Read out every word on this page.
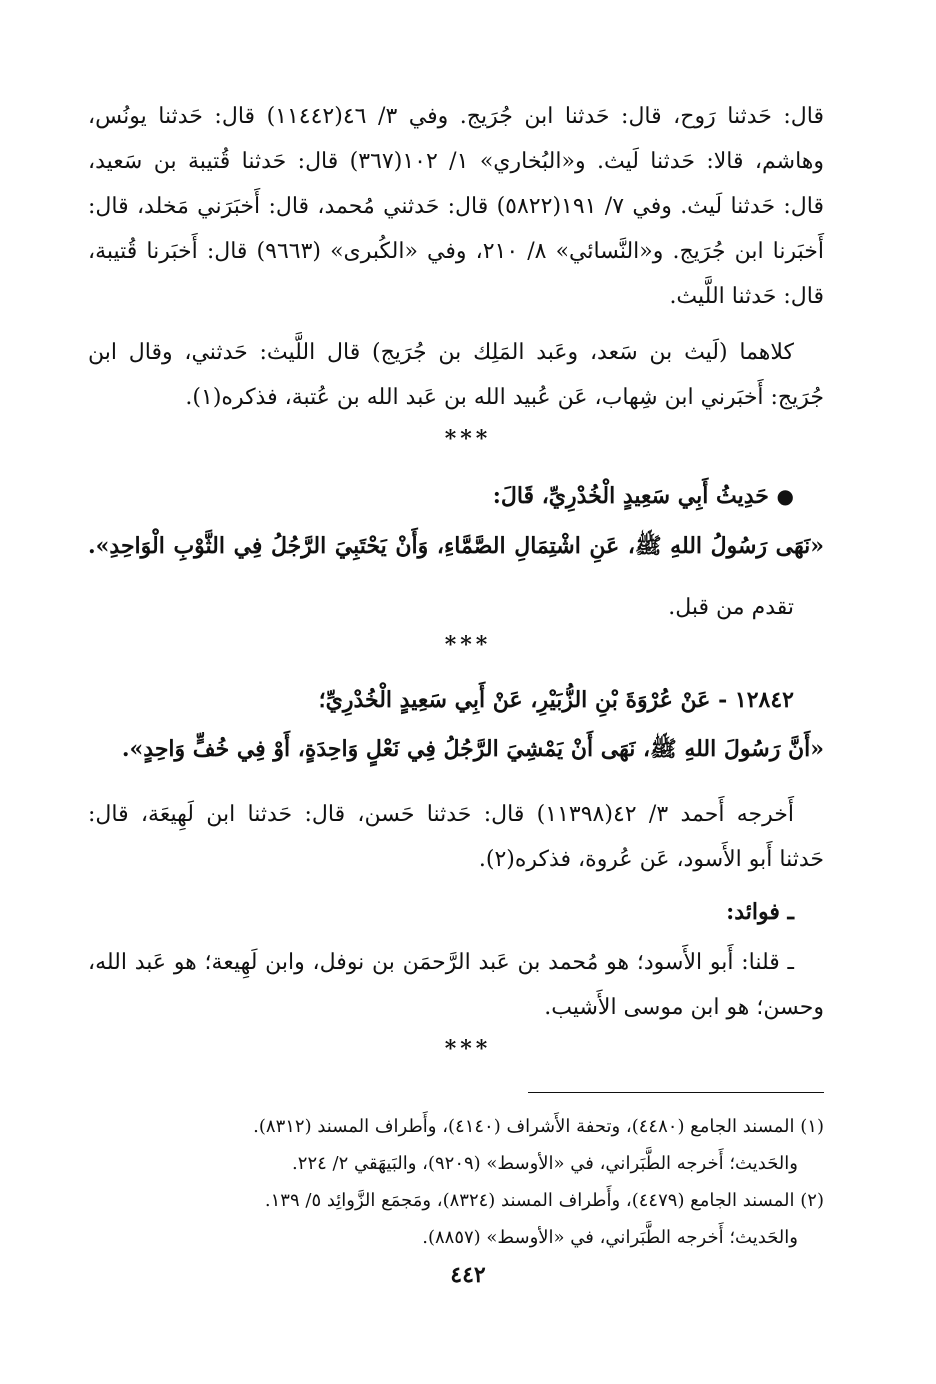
قال: حَدثنا رَوح، قال: حَدثنا ابن جُرَيج. وفي ٣/ ٤٦(١١٤٤٢) قال: حَدثنا يونُس،
وهاشم، قالا: حَدثنا لَيث. و«البُخاري» ١/ ١٠٢(٣٦٧) قال: حَدثنا قُتيبة بن سَعيد،
قال: حَدثنا لَيث. وفي ٧/ ١٩١(٥٨٢٢) قال: حَدثني مُحمد، قال: أَخبَرَني مَخلد، قال:
أَخبَرنا ابن جُرَيج. و«النَّسائي» ٨/ ٢١٠، وفي «الكُبرى» (٩٦٦٣) قال: أَخبَرنا قُتيبة،
قال: حَدثنا اللَّيث.
كلاهما (لَيث بن سَعد، وعَبد المَلِك بن جُرَيج) قال اللَّيث: حَدثني، وقال ابن
جُرَيج: أَخبَرني ابن شِهاب، عَن عُبيد الله بن عَبد الله بن عُتبة، فذكره(١).
***
● حَدِيثُ أَبِي سَعِيدٍ الْخُدْرِيِّ، قَالَ:
«نَهَى رَسُولُ اللهِ ﷺ، عَنِ اشْتِمَالِ الصَّمَّاءِ، وَأَنْ يَحْتَبِيَ الرَّجُلُ فِي الثَّوْبِ الْوَاحِدِ».
تقدم من قبل.
***
١٢٨٤٢ - عَنْ عُرْوَةَ بْنِ الزُّبَيْرِ، عَنْ أَبِي سَعِيدٍ الْخُدْرِيِّ؛
«أَنَّ رَسُولَ اللهِ ﷺ، نَهَى أَنْ يَمْشِيَ الرَّجُلُ فِي نَعْلٍ وَاحِدَةٍ، أَوْ فِي خُفٍّ وَاحِدٍ».
أَخرجه أَحمد ٣/ ٤٢(١١٣٩٨) قال: حَدثنا حَسن، قال: حَدثنا ابن لَهِيعَة، قال:
حَدثنا أَبو الأَسود، عَن عُروة، فذكره(٢).
ـ فوائد:
ـ قلنا: أَبو الأَسود؛ هو مُحمد بن عَبد الرَّحمَن بن نوفل، وابن لَهِيعة؛ هو عَبد الله،
وحسن؛ هو ابن موسى الأَشيب.
***
(١) المسند الجامع (٤٤٨٠)، وتحفة الأَشراف (٤١٤٠)، وأَطراف المسند (٨٣١٢).
والحَديث؛ أَخرجه الطَّبَراني، في «الأوسط» (٩٢٠٩)، والبَيهَقي ٢/ ٢٢٤.
(٢) المسند الجامع (٤٤٧٩)، وأَطراف المسند (٨٣٢٤)، ومَجمَع الزَّوائِد ٥/ ١٣٩.
والحَديث؛ أَخرجه الطَّبَراني، في «الأوسط» (٨٨٥٧).
٤٤٢
